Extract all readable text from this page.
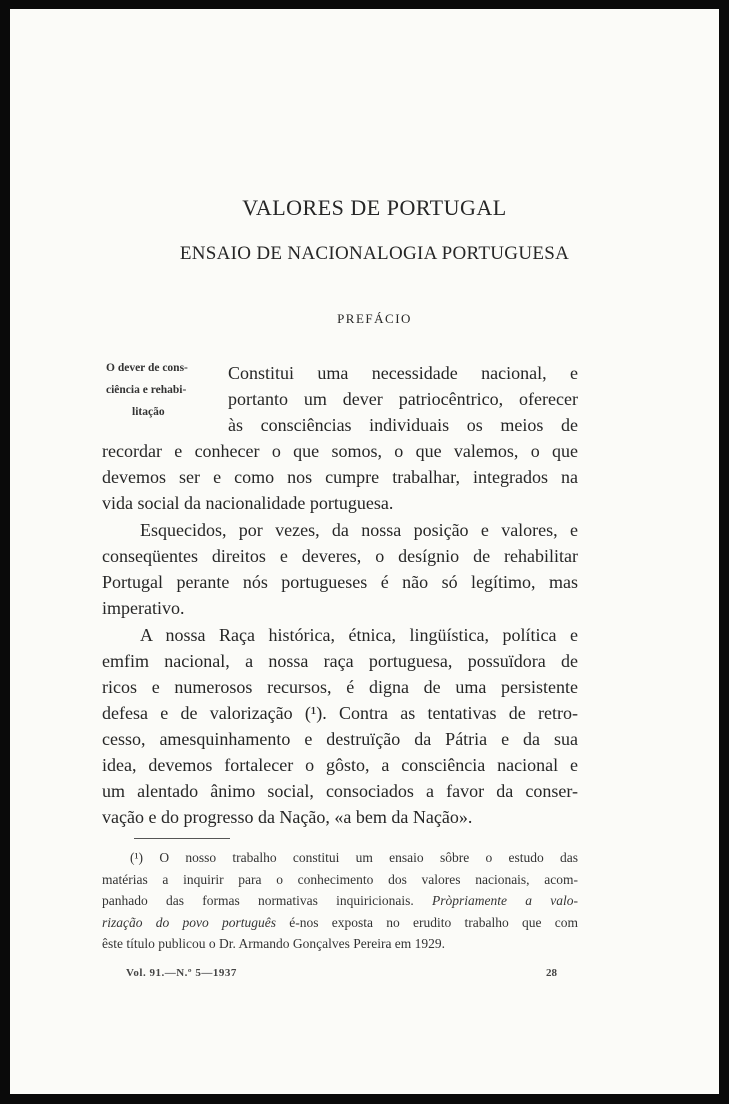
VALORES DE PORTUGAL
ENSAIO DE NACIONALOGIA PORTUGUESA
PREFÁCIO
O dever de cons-
ciência e rehabi-
litação

Constitui uma necessidade nacional, e
portanto um dever patriocêntrico, oferecer
às consciências individuais os meios de
recordar e conhecer o que somos, o que valemos, o que
devemos ser e como nos cumpre trabalhar, integrados na
vida social da nacionalidade portuguesa.

Esquecidos, por vezes, da nossa posição e valores, e
conseqüentes direitos e deveres, o desígnio de rehabilitar
Portugal perante nós portugueses é não só legítimo, mas
imperativo.

A nossa Raça histórica, étnica, lingüística, política e
emfim nacional, a nossa raça portuguesa, possuïdora de
ricos e numerosos recursos, é digna de uma persistente
defesa e de valorização (¹). Contra as tentativas de retro-
cesso, amesquinhamento e destruïção da Pátria e da sua
idea, devemos fortalecer o gôsto, a consciência nacional e
um alentado ânimo social, consociados a favor da conser-
vação e do progresso da Nação, «a bem da Nação».

(¹) O nosso trabalho constitui um ensaio sôbre o estudo das
matérias a inquirir para o conhecimento dos valores nacionais, acom-
panhado das formas normativas inquiricionais. Pròpriamente a valo-
rização do povo português é-nos exposta no erudito trabalho que com
êste título publicou o Dr. Armando Gonçalves Pereira em 1929.
Vol. 91.—N.º 5—1937	28
